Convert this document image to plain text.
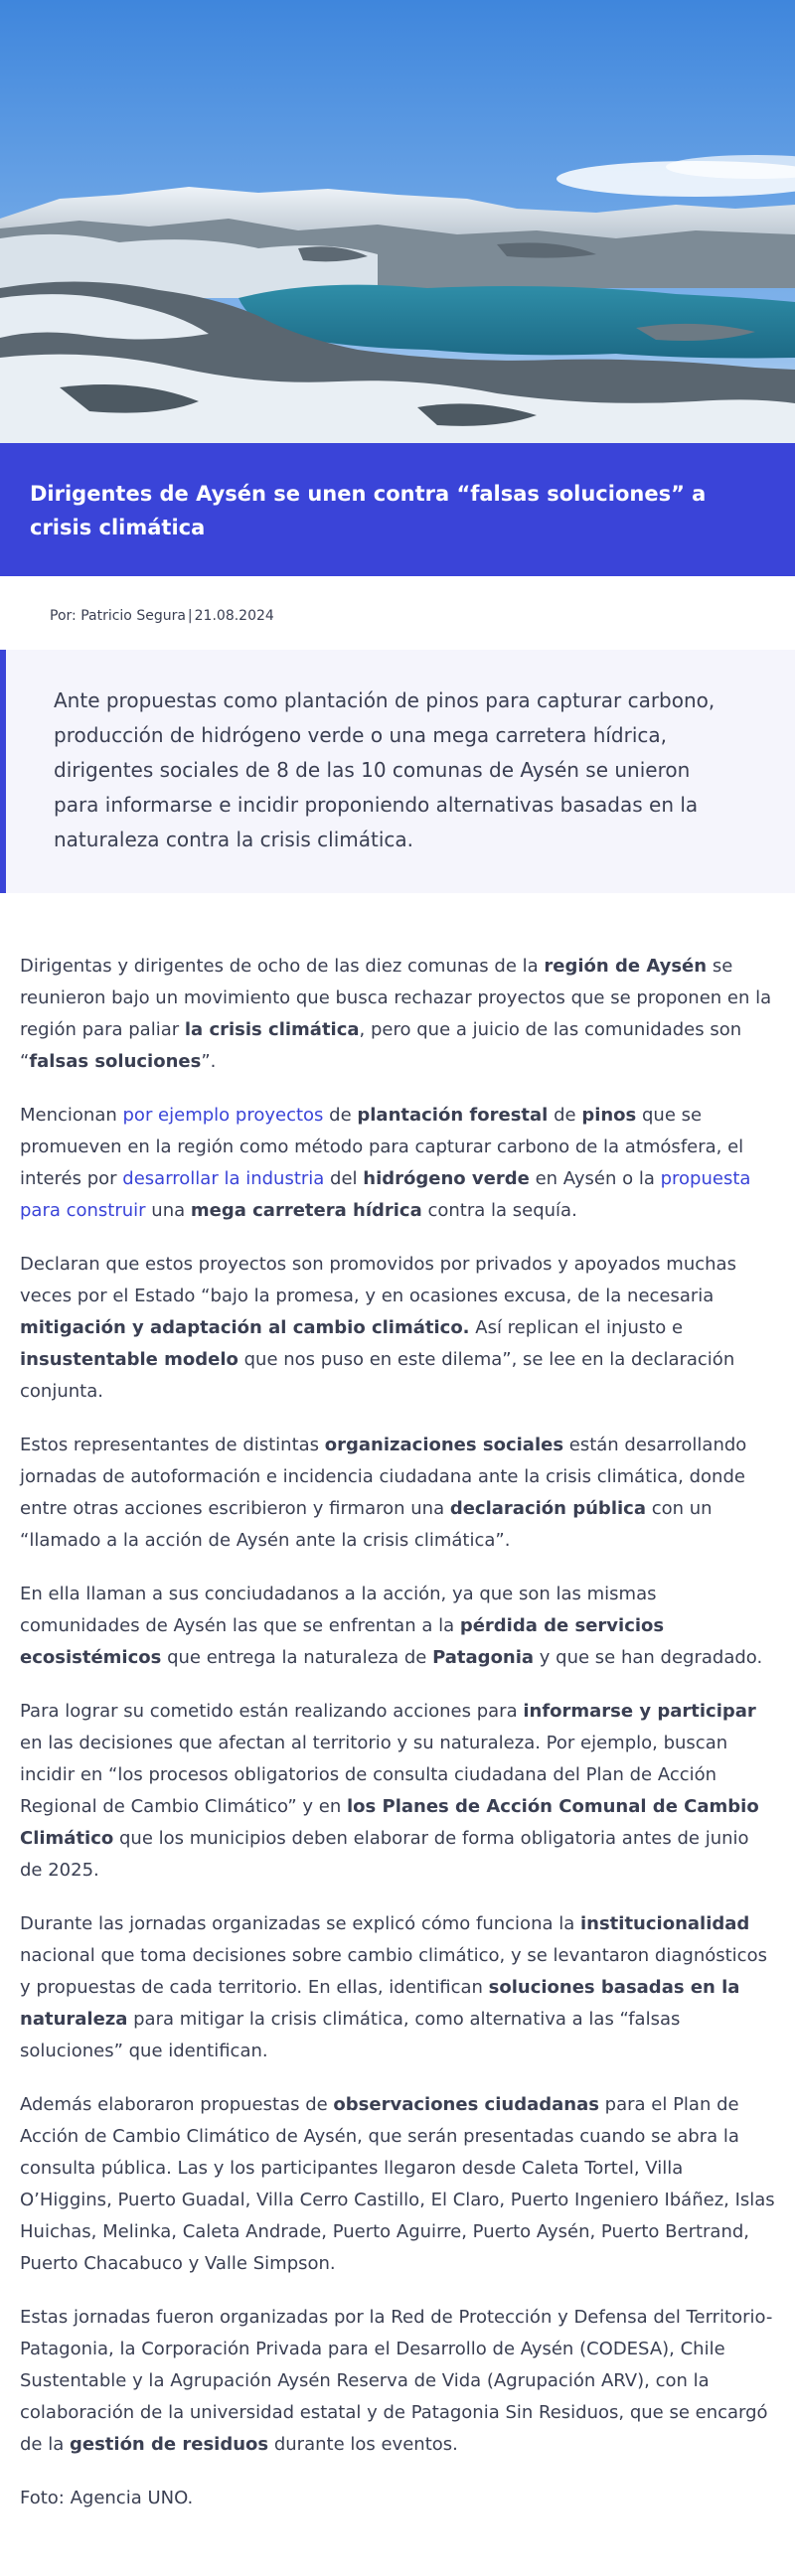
Dirigentes de Aysén se unen contra “falsas soluciones” a crisis climática
Por: Patricio Segura | 21.08.2024
Ante propuestas como plantación de pinos para capturar carbono, producción de hidrógeno verde o una mega carretera hídrica, dirigentes sociales de 8 de las 10 comunas de Aysén se unieron para informarse e incidir proponiendo alternativas basadas en la naturaleza contra la crisis climática.

Dirigentas y dirigentes de ocho de las diez comunas de la región de Aysén se reunieron bajo un movimiento que busca rechazar proyectos que se proponen en la región para paliar la crisis climática, pero que a juicio de las comunidades son “falsas soluciones”.

Mencionan por ejemplo proyectos de plantación forestal de pinos que se promueven en la región como método para capturar carbono de la atmósfera, el interés por desarrollar la industria del hidrógeno verde en Aysén o la propuesta para construir una mega carretera hídrica contra la sequía.

Declaran que estos proyectos son promovidos por privados y apoyados muchas veces por el Estado “bajo la promesa, y en ocasiones excusa, de la necesaria mitigación y adaptación al cambio climático. Así replican el injusto e insustentable modelo que nos puso en este dilema”, se lee en la declaración conjunta.

Estos representantes de distintas organizaciones sociales están desarrollando jornadas de autoformación e incidencia ciudadana ante la crisis climática, donde entre otras acciones escribieron y firmaron una declaración pública con un “llamado a la acción de Aysén ante la crisis climática”.

En ella llaman a sus conciudadanos a la acción, ya que son las mismas comunidades de Aysén las que se enfrentan a la pérdida de servicios ecosistémicos que entrega la naturaleza de Patagonia y que se han degradado.

Para lograr su cometido están realizando acciones para informarse y participar en las decisiones que afectan al territorio y su naturaleza. Por ejemplo, buscan incidir en “los procesos obligatorios de consulta ciudadana del Plan de Acción Regional de Cambio Climático” y en los Planes de Acción Comunal de Cambio Climático que los municipios deben elaborar de forma obligatoria antes de junio de 2025.

Durante las jornadas organizadas se explicó cómo funciona la institucionalidad nacional que toma decisiones sobre cambio climático, y se levantaron diagnósticos y propuestas de cada territorio. En ellas, identifican soluciones basadas en la naturaleza para mitigar la crisis climática, como alternativa a las “falsas soluciones” que identifican.

Además elaboraron propuestas de observaciones ciudadanas para el Plan de Acción de Cambio Climático de Aysén, que serán presentadas cuando se abra la consulta pública. Las y los participantes llegaron desde Caleta Tortel, Villa O’Higgins, Puerto Guadal, Villa Cerro Castillo, El Claro, Puerto Ingeniero Ibáñez, Islas Huichas, Melinka, Caleta Andrade, Puerto Aguirre, Puerto Aysén, Puerto Bertrand, Puerto Chacabuco y Valle Simpson.

Estas jornadas fueron organizadas por la Red de Protección y Defensa del Territorio-Patagonia, la Corporación Privada para el Desarrollo de Aysén (CODESA), Chile Sustentable y la Agrupación Aysén Reserva de Vida (Agrupación ARV), con la colaboración de la universidad estatal y de Patagonia Sin Residuos, que se encargó de la gestión de residuos durante los eventos.

Foto: Agencia UNO.
